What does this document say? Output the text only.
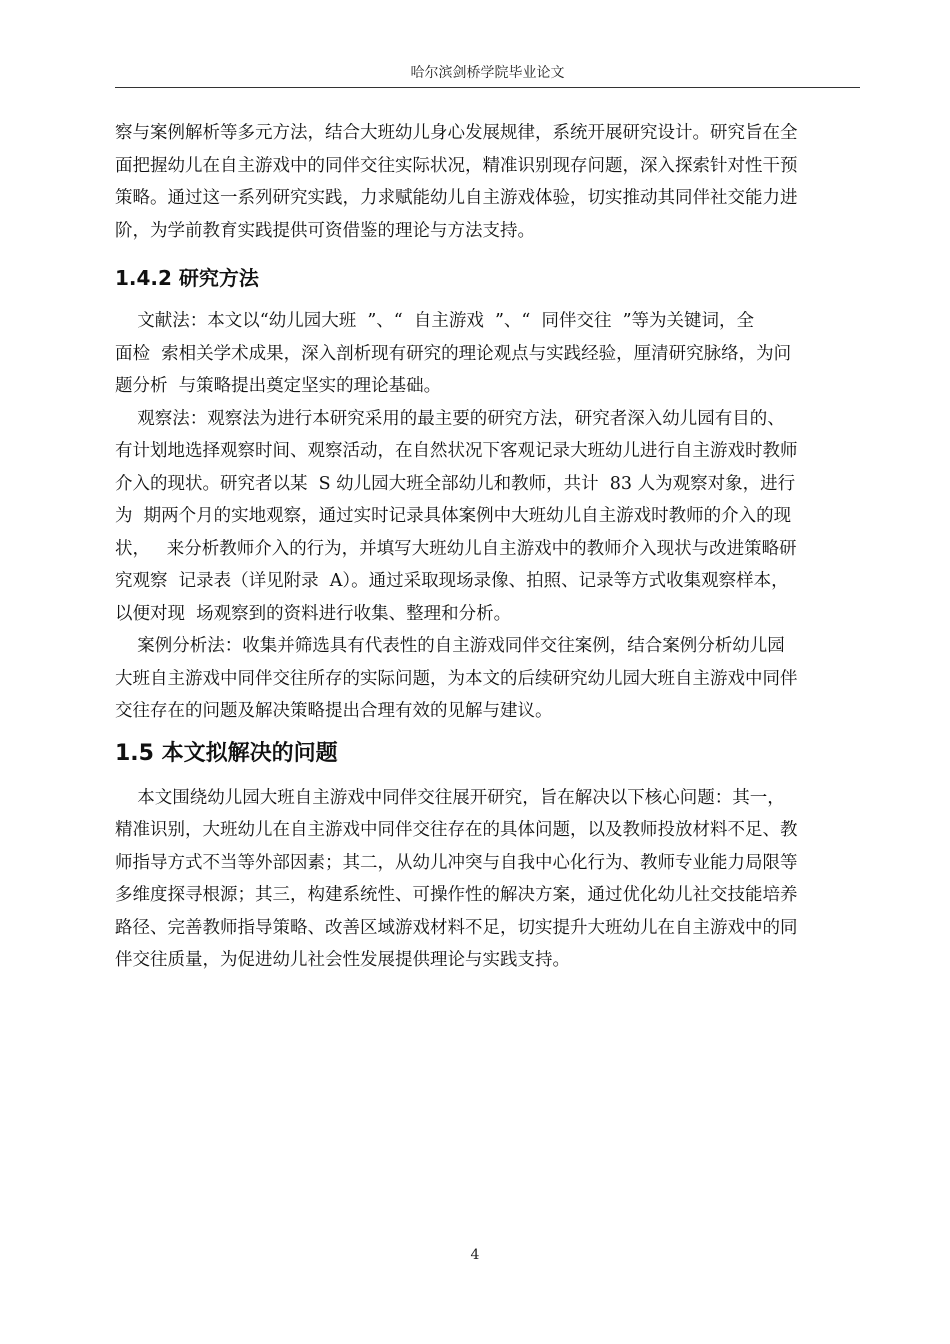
哈尔滨剑桥学院毕业论文

察与案例解析等多元方法，结合大班幼儿身心发展规律，系统开展研究设计。研究旨在全
面把握幼儿在自主游戏中的同伴交往实际状况，精准识别现存问题，深入探索针对性干预
策略。通过这一系列研究实践，力求赋能幼儿自主游戏体验，切实推动其同伴社交能力进
阶，为学前教育实践提供可资借鉴的理论与方法支持。

1.4.2 研究方法

文献法：本文以“幼儿园大班  ”、“  自主游戏  ”、“  同伴交往  ”等为关键词，全
面检  索相关学术成果，深入剖析现有研究的理论观点与实践经验，厘清研究脉络，为问
题分析  与策略提出奠定坚实的理论基础。

观察法：观察法为进行本研究采用的最主要的研究方法，研究者深入幼儿园有目的、
有计划地选择观察时间、观察活动，在自然状况下客观记录大班幼儿进行自主游戏时教师
介入的现状。研究者以某  S 幼儿园大班全部幼儿和教师，共计  83 人为观察对象，进行
为  期两个月的实地观察，通过实时记录具体案例中大班幼儿自主游戏时教师的介入的现
状，   来分析教师介入的行为，并填写大班幼儿自主游戏中的教师介入现状与改进策略研
究观察  记录表（详见附录  A）。通过采取现场录像、拍照、记录等方式收集观察样本，
以便对现  场观察到的资料进行收集、整理和分析。

案例分析法：收集并筛选具有代表性的自主游戏同伴交往案例，结合案例分析幼儿园
大班自主游戏中同伴交往所存的实际问题，为本文的后续研究幼儿园大班自主游戏中同伴
交往存在的问题及解决策略提出合理有效的见解与建议。

1.5 本文拟解决的问题

本文围绕幼儿园大班自主游戏中同伴交往展开研究，旨在解决以下核心问题：其一，
精准识别，大班幼儿在自主游戏中同伴交往存在的具体问题，以及教师投放材料不足、教
师指导方式不当等外部因素；其二，从幼儿冲突与自我中心化行为、教师专业能力局限等
多维度探寻根源；其三，构建系统性、可操作性的解决方案，通过优化幼儿社交技能培养
路径、完善教师指导策略、改善区域游戏材料不足，切实提升大班幼儿在自主游戏中的同
伴交往质量，为促进幼儿社会性发展提供理论与实践支持。

4
